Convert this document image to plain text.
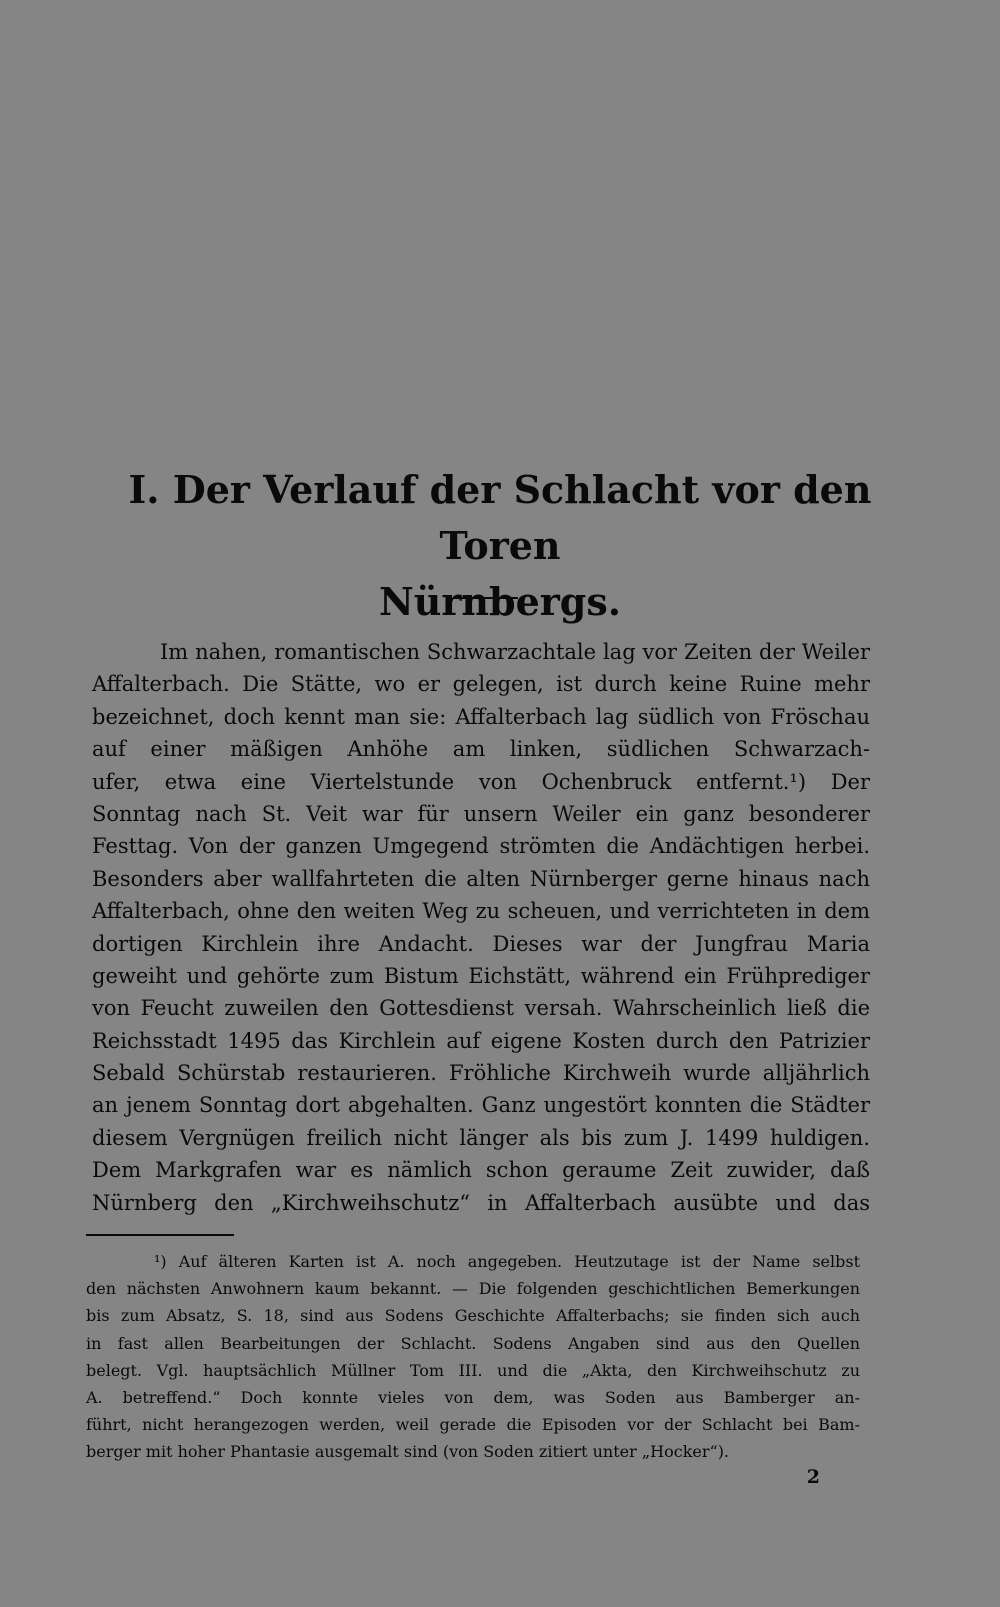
I. Der Verlauf der Schlacht vor den Toren
Nürnbergs.
Im nahen, romantischen Schwarzachtale lag vor Zeiten der Weiler
Affalterbach. Die Stätte, wo er gelegen, ist durch keine Ruine mehr
bezeichnet, doch kennt man sie: Affalterbach lag südlich von Fröschau
auf einer mäßigen Anhöhe am linken, südlichen Schwarzach-
ufer, etwa eine Viertelstunde von Ochenbruck entfernt.¹) Der
Sonntag nach St. Veit war für unsern Weiler ein ganz besonderer
Festtag. Von der ganzen Umgegend strömten die Andächtigen herbei.
Besonders aber wallfahrteten die alten Nürnberger gerne hinaus nach
Affalterbach, ohne den weiten Weg zu scheuen, und verrichteten in dem
dortigen Kirchlein ihre Andacht. Dieses war der Jungfrau Maria
geweiht und gehörte zum Bistum Eichstätt, während ein Frühprediger
von Feucht zuweilen den Gottesdienst versah. Wahrscheinlich ließ die
Reichsstadt 1495 das Kirchlein auf eigene Kosten durch den Patrizier
Sebald Schürstab restaurieren. Fröhliche Kirchweih wurde alljährlich
an jenem Sonntag dort abgehalten. Ganz ungestört konnten die Städter
diesem Vergnügen freilich nicht länger als bis zum J. 1499 huldigen.
Dem Markgrafen war es nämlich schon geraume Zeit zuwider, daß
Nürnberg den „Kirchweihschutz“ in Affalterbach ausübte und das
¹) Auf älteren Karten ist A. noch angegeben. Heutzutage ist der Name selbst
den nächsten Anwohnern kaum bekannt. — Die folgenden geschichtlichen Bemerkungen
bis zum Absatz, S. 18, sind aus Sodens Geschichte Affalterbachs; sie finden sich auch
in fast allen Bearbeitungen der Schlacht. Sodens Angaben sind aus den Quellen
belegt. Vgl. hauptsächlich Müllner Tom III. und die „Akta, den Kirchweihschutz zu
A. betreffend.“ Doch konnte vieles von dem, was Soden aus Bamberger an-
führt, nicht herangezogen werden, weil gerade die Episoden vor der Schlacht bei Bam-
berger mit hoher Phantasie ausgemalt sind (von Soden zitiert unter „Hocker“).
2
